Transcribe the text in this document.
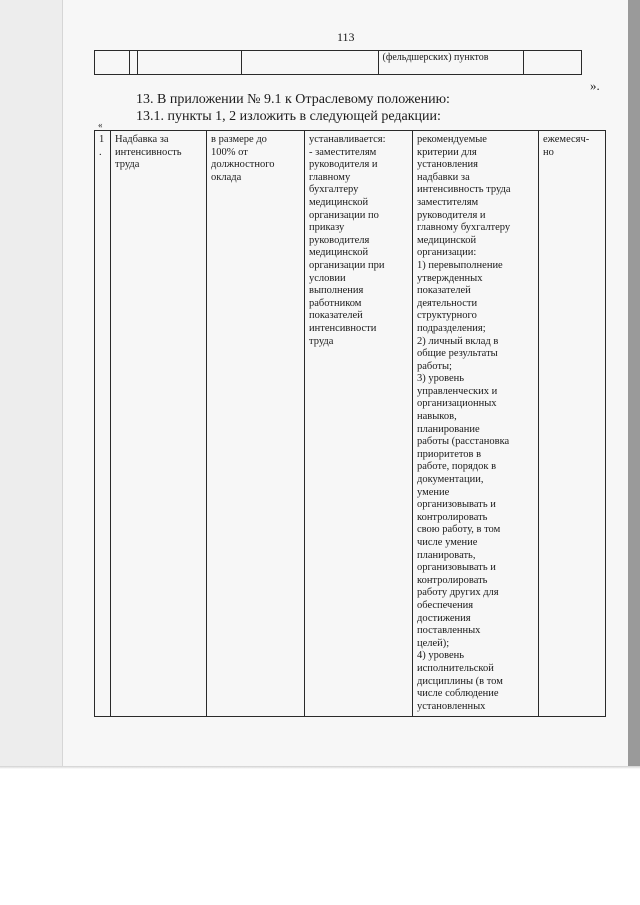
113
				(фельдшерских) пунктов	
».
13. В приложении № 9.1 к Отраслевому положению:
13.1. пункты 1, 2 изложить в следующей редакции:
«
1.	
Надбавка за
интенсивность
труда

в размере до
100% от
должностного
оклада

устанавливается:
- заместителям
руководителя и
главному
бухгалтеру
медицинской
организации по
приказу
руководителя
медицинской
организации при
условии
выполнения
работником
показателей
интенсивности
труда

рекомендуемые
критерии для
установления
надбавки за
интенсивность труда
заместителям
руководителя и
главному бухгалтеру
медицинской
организации:
1) перевыполнение
утвержденных
показателей
деятельности
структурного
подразделения;
2) личный вклад в
общие результаты
работы;
3) уровень
управленческих и
организационных
навыков,
планирование
работы (расстановка
приоритетов в
работе, порядок в
документации,
умение
организовывать и
контролировать
свою работу, в том
числе умение
планировать,
организовывать и
контролировать
работу других для
обеспечения
достижения
поставленных
целей);
4) уровень
исполнительской
дисциплины (в том
числе соблюдение
установленных

ежемесяч-
но
